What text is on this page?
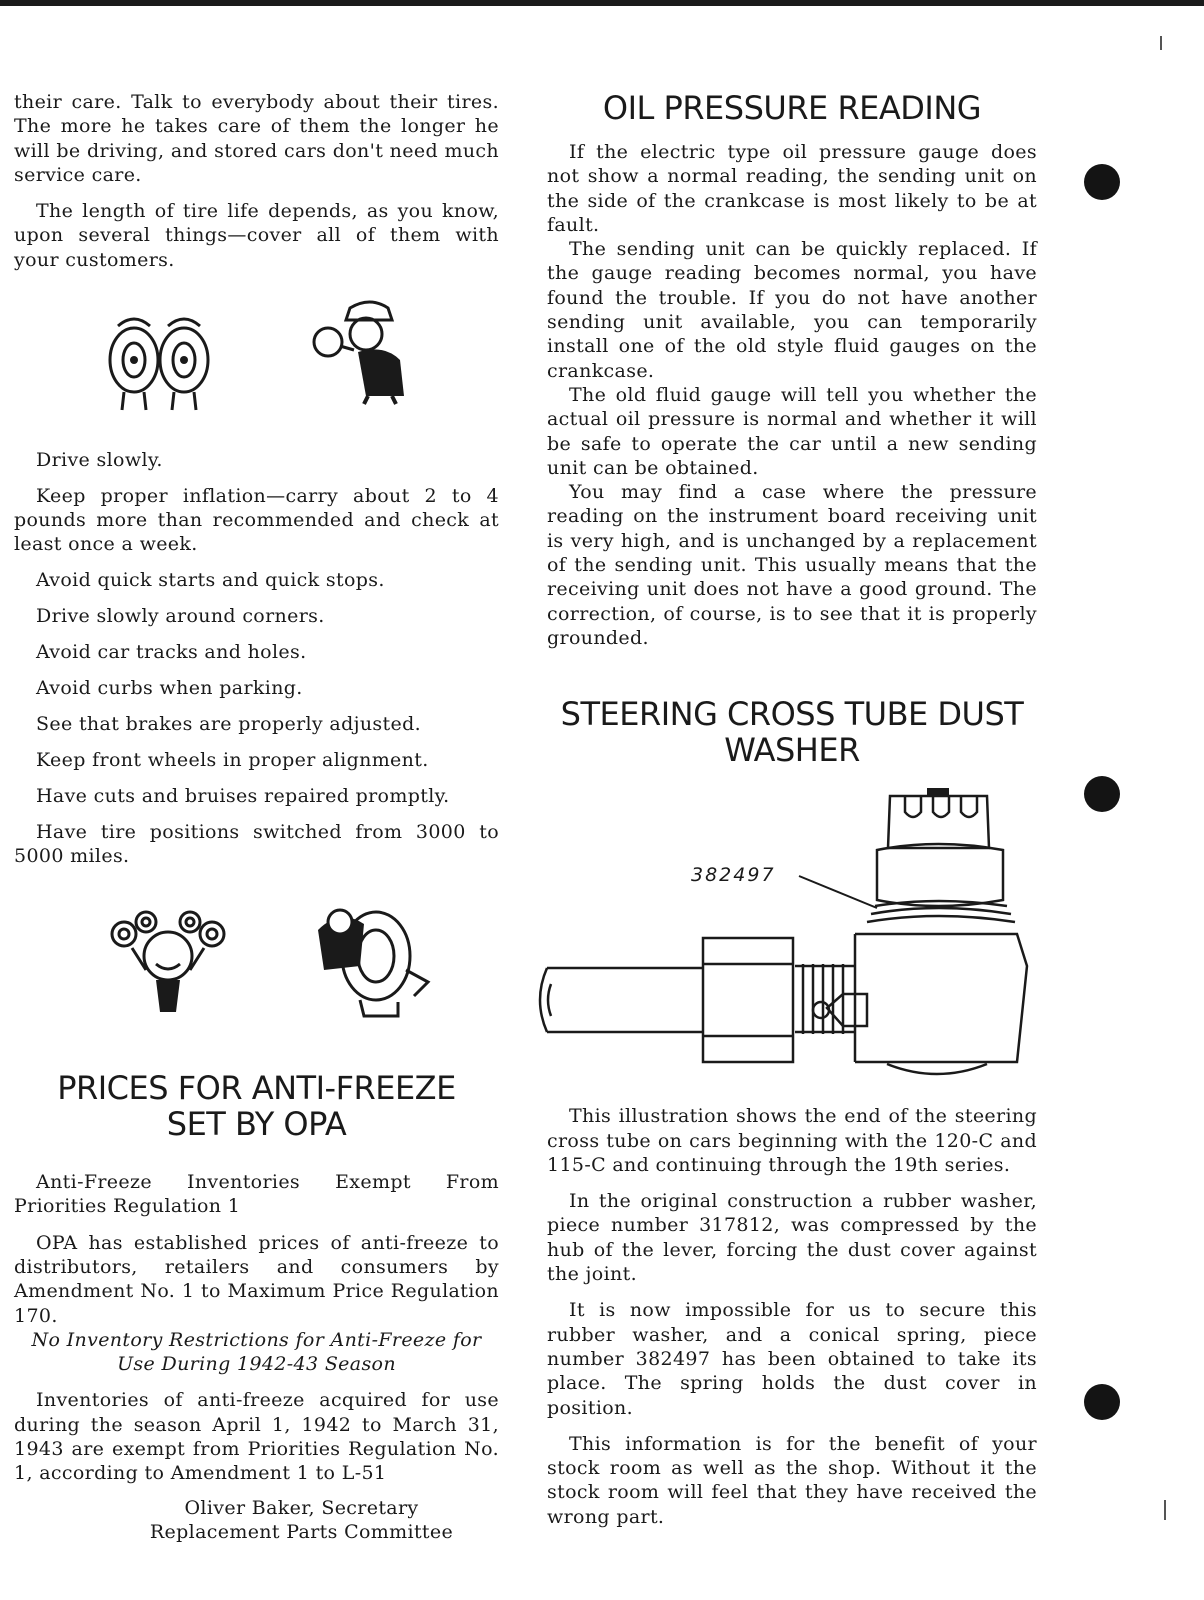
their care. Talk to everybody about their tires. The more he takes care of them the longer he will be driving, and stored cars don't need much service care.

The length of tire life depends, as you know, upon several things—cover all of them with your customers.

Drive slowly.

Keep proper inflation—carry about 2 to 4 pounds more than recommended and check at least once a week.

Avoid quick starts and quick stops.

Drive slowly around corners.

Avoid car tracks and holes.

Avoid curbs when parking.

See that brakes are properly adjusted.

Keep front wheels in proper alignment.

Have cuts and bruises repaired promptly.

Have tire positions switched from 3000 to 5000 miles.

PRICES FOR ANTI-FREEZE SET BY OPA

Anti-Freeze Inventories Exempt From Priorities Regulation 1

OPA has established prices of anti-freeze to distributors, retailers and consumers by Amendment No. 1 to Maximum Price Regulation 170.

No Inventory Restrictions for Anti-Freeze for Use During 1942-43 Season

Inventories of anti-freeze acquired for use during the season April 1, 1942 to March 31, 1943 are exempt from Priorities Regulation No. 1, according to Amendment 1 to L-51

Oliver Baker, Secretary

Replacement Parts Committee

OIL PRESSURE READING

If the electric type oil pressure gauge does not show a normal reading, the sending unit on the side of the crankcase is most likely to be at fault.

The sending unit can be quickly replaced. If the gauge reading becomes normal, you have found the trouble. If you do not have another sending unit available, you can temporarily install one of the old style fluid gauges on the crankcase.

The old fluid gauge will tell you whether the actual oil pressure is normal and whether it will be safe to operate the car until a new sending unit can be obtained.

You may find a case where the pressure reading on the instrument board receiving unit is very high, and is unchanged by a replacement of the sending unit. This usually means that the receiving unit does not have a good ground. The correction, of course, is to see that it is properly grounded.

STEERING CROSS TUBE DUST WASHER
382497

This illustration shows the end of the steering cross tube on cars beginning with the 120-C and 115-C and continuing through the 19th series.

In the original construction a rubber washer, piece number 317812, was compressed by the hub of the lever, forcing the dust cover against the joint.

It is now impossible for us to secure this rubber washer, and a conical spring, piece number 382497 has been obtained to take its place. The spring holds the dust cover in position.

This information is for the benefit of your stock room as well as the shop. Without it the stock room will feel that they have received the wrong part.
